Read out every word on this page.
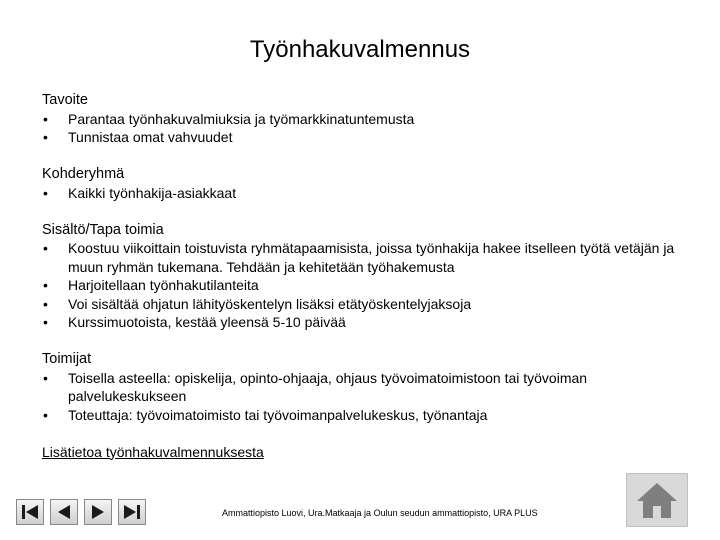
Työnhakuvalmennus
Tavoite
• Parantaa työnhakuvalmiuksia ja työmarkkinatuntemusta
• Tunnistaa omat vahvuudet
Kohderyhmä
• Kaikki työnhakija-asiakkaat
Sisältö/Tapa toimia
• Koostuu viikoittain toistuvista ryhmätapaamisista, joissa työnhakija hakee itselleen työtä vetäjän ja muun ryhmän tukemana. Tehdään ja kehitetään työhakemusta
• Harjoitellaan työnhakutilanteita
• Voi sisältää ohjatun lähityöskentelyn lisäksi etätyöskentelyjaksoja
• Kurssimuotoista, kestää yleensä 5-10 päivää
Toimijat
• Toisella asteella: opiskelija, opinto-ohjaaja, ohjaus työvoimatoimistoon tai työvoiman palvelukeskukseen
• Toteuttaja: työvoimatoimisto tai työvoimanpalvelukeskus, työnantaja
Lisätietoa työnhakuvalmennuksesta
Ammattiopisto Luovi, Ura.Matkaaja ja Oulun seudun ammattiopisto, URA PLUS
